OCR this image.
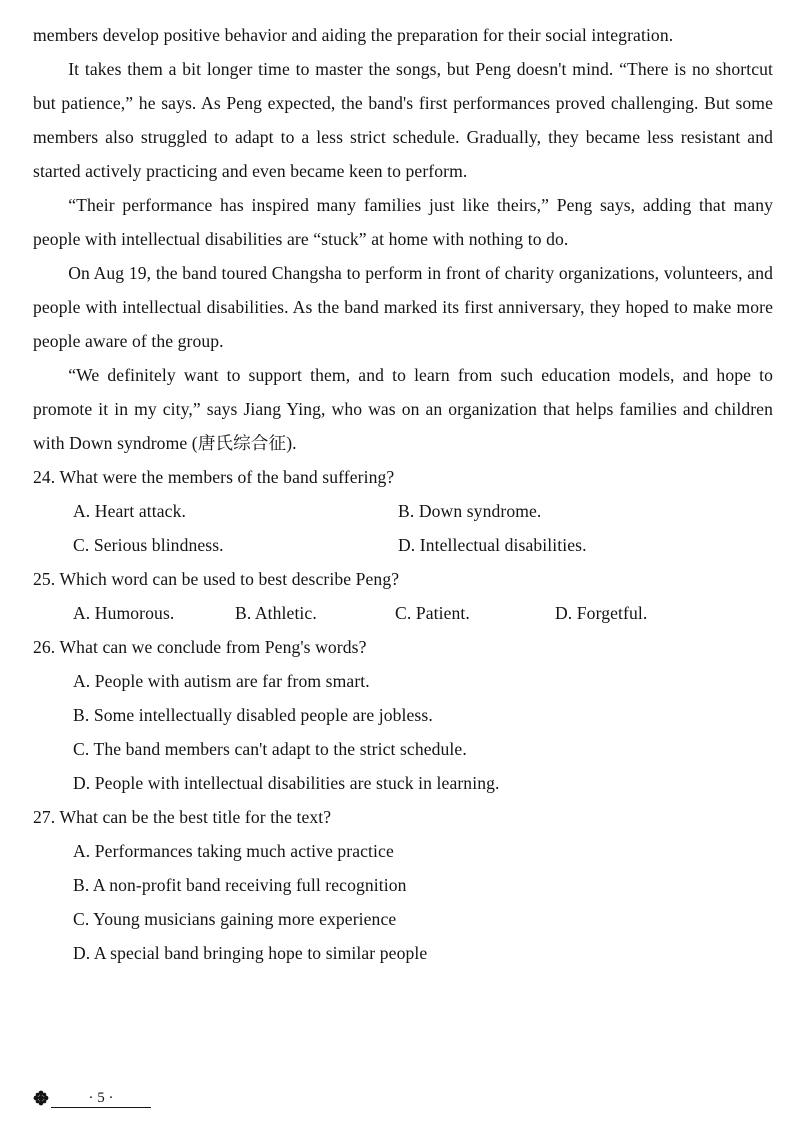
members develop positive behavior and aiding the preparation for their social integration.

It takes them a bit longer time to master the songs, but Peng doesn't mind. “There is no shortcut but patience,” he says. As Peng expected, the band's first performances proved challenging. But some members also struggled to adapt to a less strict schedule. Gradually, they became less resistant and started actively practicing and even became keen to perform.

“Their performance has inspired many families just like theirs,” Peng says, adding that many people with intellectual disabilities are “stuck” at home with nothing to do.

On Aug 19, the band toured Changsha to perform in front of charity organizations, volunteers, and people with intellectual disabilities. As the band marked its first anniversary, they hoped to make more people aware of the group.

“We definitely want to support them, and to learn from such education models, and hope to promote it in my city,” says Jiang Ying, who was on an organization that helps families and children with Down syndrome (唐氏综合征).

24. What were the members of the band suffering?

A. Heart attack.	B. Down syndrome.
C. Serious blindness.	D. Intellectual disabilities.

25. Which word can be used to best describe Peng?

A. Humorous.	B. Athletic.	C. Patient.	D. Forgetful.

26. What can we conclude from Peng's words?

A. People with autism are far from smart.
B. Some intellectually disabled people are jobless.
C. The band members can't adapt to the strict schedule.
D. People with intellectual disabilities are stuck in learning.

27. What can be the best title for the text?

A. Performances taking much active practice
B. A non-profit band receiving full recognition
C. Young musicians gaining more experience
D. A special band bringing hope to similar people
· 5 ·
